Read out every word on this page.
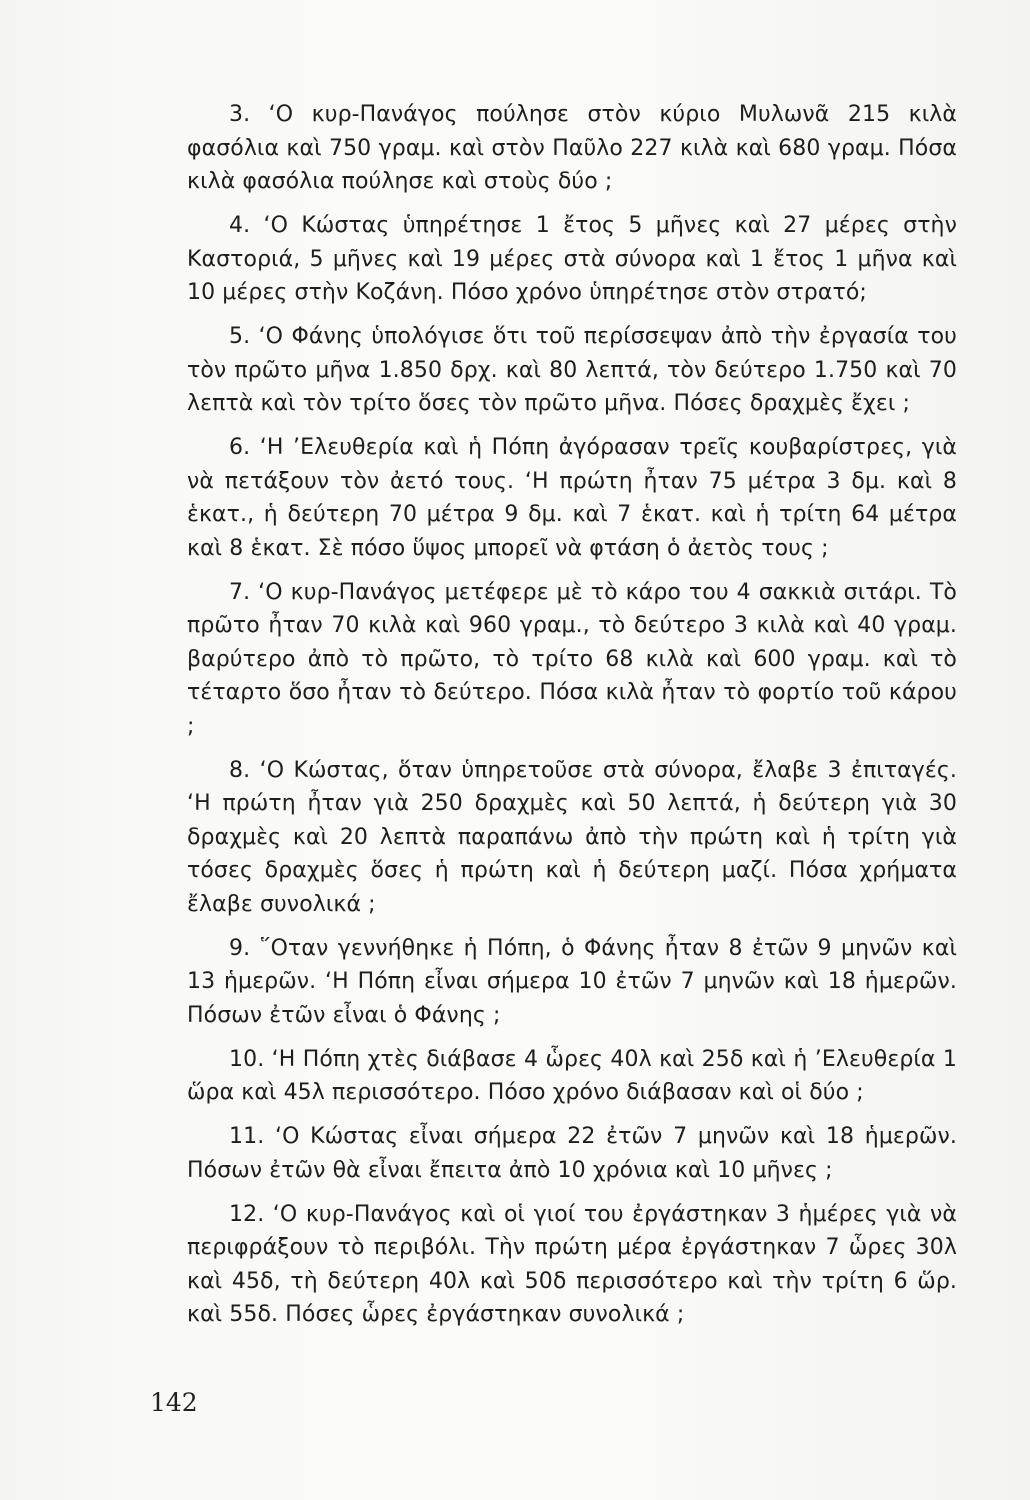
3. ‘Ο κυρ-Πανάγος πούλησε στὸν κύριο Μυλωνᾶ 215 κιλὰ φασόλια καὶ 750 γραμ. καὶ στὸν Παῦλο 227 κιλὰ καὶ 680 γραμ. Πόσα κιλὰ φασόλια πούλησε καὶ στοὺς δύο ;

4. ‘Ο Κώστας ὑπηρέτησε 1 ἔτος 5 μῆνες καὶ 27 μέρες στὴν Καστοριά, 5 μῆνες καὶ 19 μέρες στὰ σύνορα καὶ 1 ἔτος 1 μῆνα καὶ 10 μέρες στὴν Κοζάνη. Πόσο χρόνο ὑπηρέτησε στὸν στρατό;

5. ‘Ο Φάνης ὑπολόγισε ὅτι τοῦ περίσσεψαν ἀπὸ τὴν ἐργασία του τὸν πρῶτο μῆνα 1.850 δρχ. καὶ 80 λεπτά, τὸν δεύτερο 1.750 καὶ 70 λεπτὰ καὶ τὸν τρίτο ὅσες τὸν πρῶτο μῆνα. Πόσες δραχμὲς ἔχει ;

6. ‘Η ’Ελευθερία καὶ ἡ Πόπη ἀγόρασαν τρεῖς κουβαρίστρες, γιὰ νὰ πετάξουν τὸν ἀετό τους. ‘Η πρώτη ἦταν 75 μέτρα 3 δμ. καὶ 8 ἑκατ., ἡ δεύτερη 70 μέτρα 9 δμ. καὶ 7 ἑκατ. καὶ ἡ τρίτη 64 μέτρα καὶ 8 ἑκατ. Σὲ πόσο ὕψος μπορεῖ νὰ φτάση ὁ ἀετὸς τους ;

7. ‘Ο κυρ-Πανάγος μετέφερε μὲ τὸ κάρο του 4 σακκιὰ σιτάρι. Τὸ πρῶτο ἦταν 70 κιλὰ καὶ 960 γραμ., τὸ δεύτερο 3 κιλὰ καὶ 40 γραμ. βαρύτερο ἀπὸ τὸ πρῶτο, τὸ τρίτο 68 κιλὰ καὶ 600 γραμ. καὶ τὸ τέταρτο ὅσο ἦταν τὸ δεύτερο. Πόσα κιλὰ ἦταν τὸ φορτίο τοῦ κάρου ;

8. ‘Ο Κώστας, ὅταν ὑπηρετοῦσε στὰ σύνορα, ἔλαβε 3 ἐπιταγές. ‘Η πρώτη ἦταν γιὰ 250 δραχμὲς καὶ 50 λεπτά, ἡ δεύτερη γιὰ 30 δραχμὲς καὶ 20 λεπτὰ παραπάνω ἀπὸ τὴν πρώτη καὶ ἡ τρίτη γιὰ τόσες δραχμὲς ὅσες ἡ πρώτη καὶ ἡ δεύτερη μαζί. Πόσα χρήματα ἔλαβε συνολικά ;

9. ῞Οταν γεννήθηκε ἡ Πόπη, ὁ Φάνης ἦταν 8 ἐτῶν 9 μηνῶν καὶ 13 ἡμερῶν. ‘Η Πόπη εἶναι σήμερα 10 ἐτῶν 7 μηνῶν καὶ 18 ἡμερῶν. Πόσων ἐτῶν εἶναι ὁ Φάνης ;

10. ‘Η Πόπη χτὲς διάβασε 4 ὧρες 40λ καὶ 25δ καὶ ἡ ’Ελευθερία 1 ὥρα καὶ 45λ περισσότερο. Πόσο χρόνο διάβασαν καὶ οἱ δύο ;

11. ‘Ο Κώστας εἶναι σήμερα 22 ἐτῶν 7 μηνῶν καὶ 18 ἡμερῶν. Πόσων ἐτῶν θὰ εἶναι ἔπειτα ἀπὸ 10 χρόνια καὶ 10 μῆνες ;

12. ‘Ο κυρ-Πανάγος καὶ οἱ γιοί του ἐργάστηκαν 3 ἡμέρες γιὰ νὰ περιφράξουν τὸ περιβόλι. Τὴν πρώτη μέρα ἐργάστηκαν 7 ὧρες 30λ καὶ 45δ, τὴ δεύτερη 40λ καὶ 50δ περισσότερο καὶ τὴν τρίτη 6 ὥρ. καὶ 55δ. Πόσες ὧρες ἐργάστηκαν συνολικά ;

142
